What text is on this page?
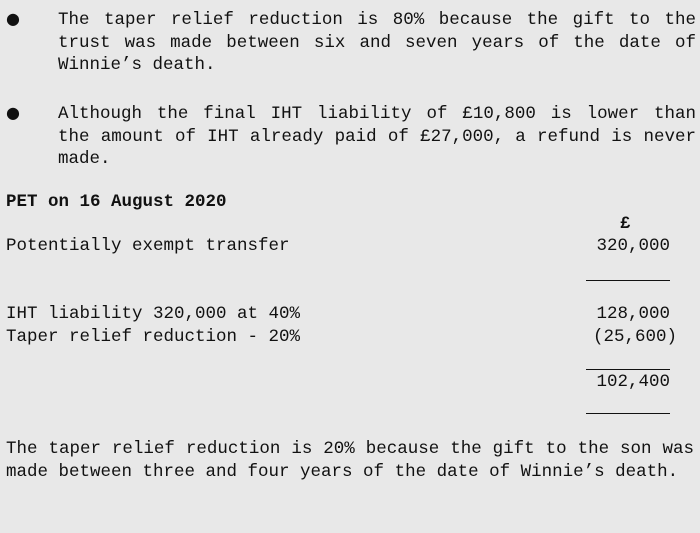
● The taper relief reduction is 80% because the gift to the trust was made between six and seven years of the date of Winnie’s death.
● Although the final IHT liability of £10,800 is lower than the amount of IHT already paid of £27,000, a refund is never made.
PET on 16 August 2020
£
Potentially exempt transfer	320,000
IHT liability 320,000 at 40%	128,000
Taper relief reduction - 20%	(25,600)
102,400
The taper relief reduction is 20% because the gift to the son was made between three and four years of the date of Winnie’s death.
